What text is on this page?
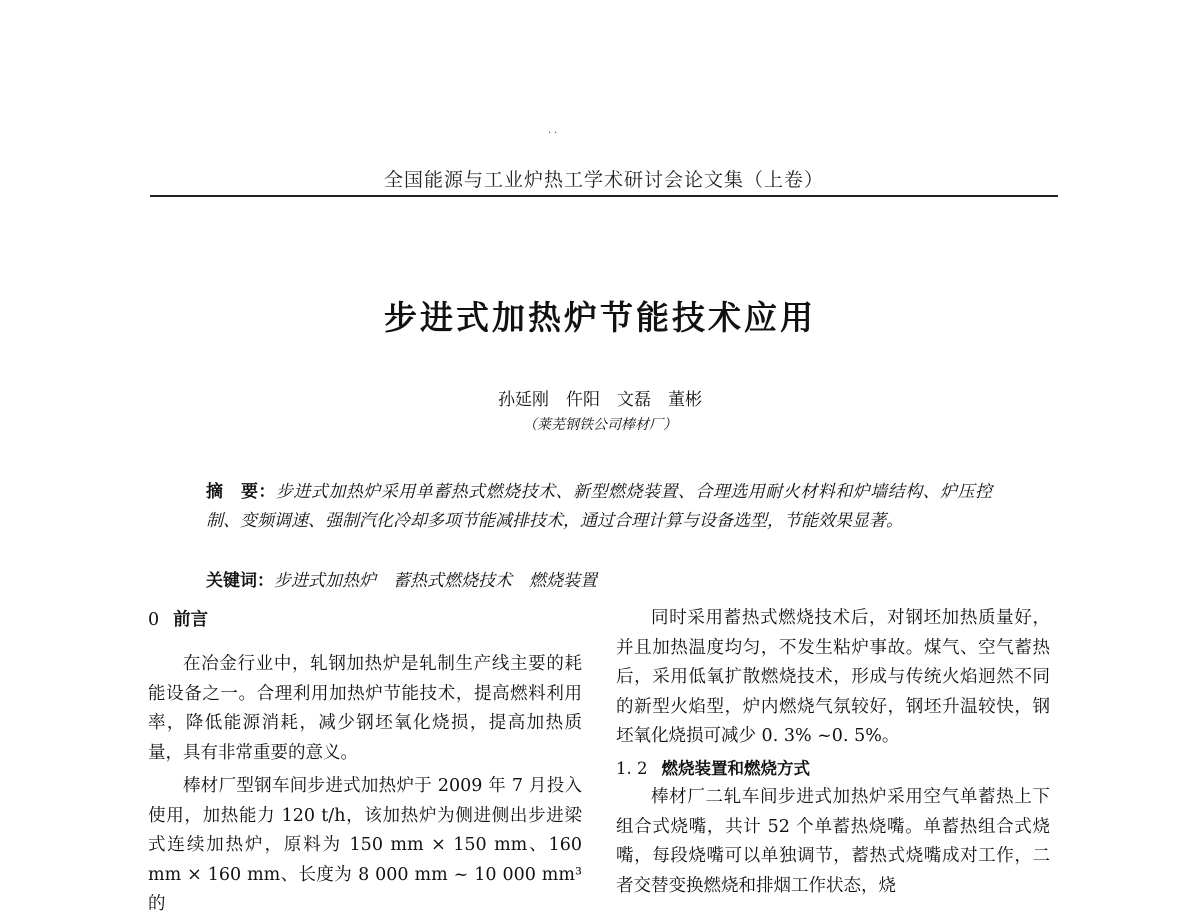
··
全国能源与工业炉热工学术研讨会论文集（上卷）
步进式加热炉节能技术应用
孙延刚　仵阳　文磊　董彬
（莱芜钢铁公司棒材厂）
摘　要：步进式加热炉采用单蓄热式燃烧技术、新型燃烧装置、合理选用耐火材料和炉墙结构、炉压控制、变频调速、强制汽化冷却多项节能减排技术，通过合理计算与设备选型，节能效果显著。
关键词：步进式加热炉　蓄热式燃烧技术　燃烧装置
0 前言

在冶金行业中，轧钢加热炉是轧制生产线主要的耗能设备之一。合理利用加热炉节能技术，提高燃料利用率，降低能源消耗，减少钢坯氧化烧损，提高加热质量，具有非常重要的意义。

棒材厂型钢车间步进式加热炉于 2009 年 7 月投入使用，加热能力 120 t/h，该加热炉为侧进侧出步进梁式连续加热炉，原料为 150 mm × 150 mm、160 mm × 160 mm、长度为 8 000 mm ~ 10 000 mm³的

同时采用蓄热式燃烧技术后，对钢坯加热质量好，并且加热温度均匀，不发生粘炉事故。煤气、空气蓄热后，采用低氧扩散燃烧技术，形成与传统火焰迥然不同的新型火焰型，炉内燃烧气氛较好，钢坯升温较快，钢坯氧化烧损可减少 0. 3% ~0. 5%。

1. 2 燃烧装置和燃烧方式

棒材厂二轧车间步进式加热炉采用空气单蓄热上下组合式烧嘴，共计 52 个单蓄热烧嘴。单蓄热组合式烧嘴，每段烧嘴可以单独调节，蓄热式烧嘴成对工作，二者交替变换燃烧和排烟工作状态，烧
